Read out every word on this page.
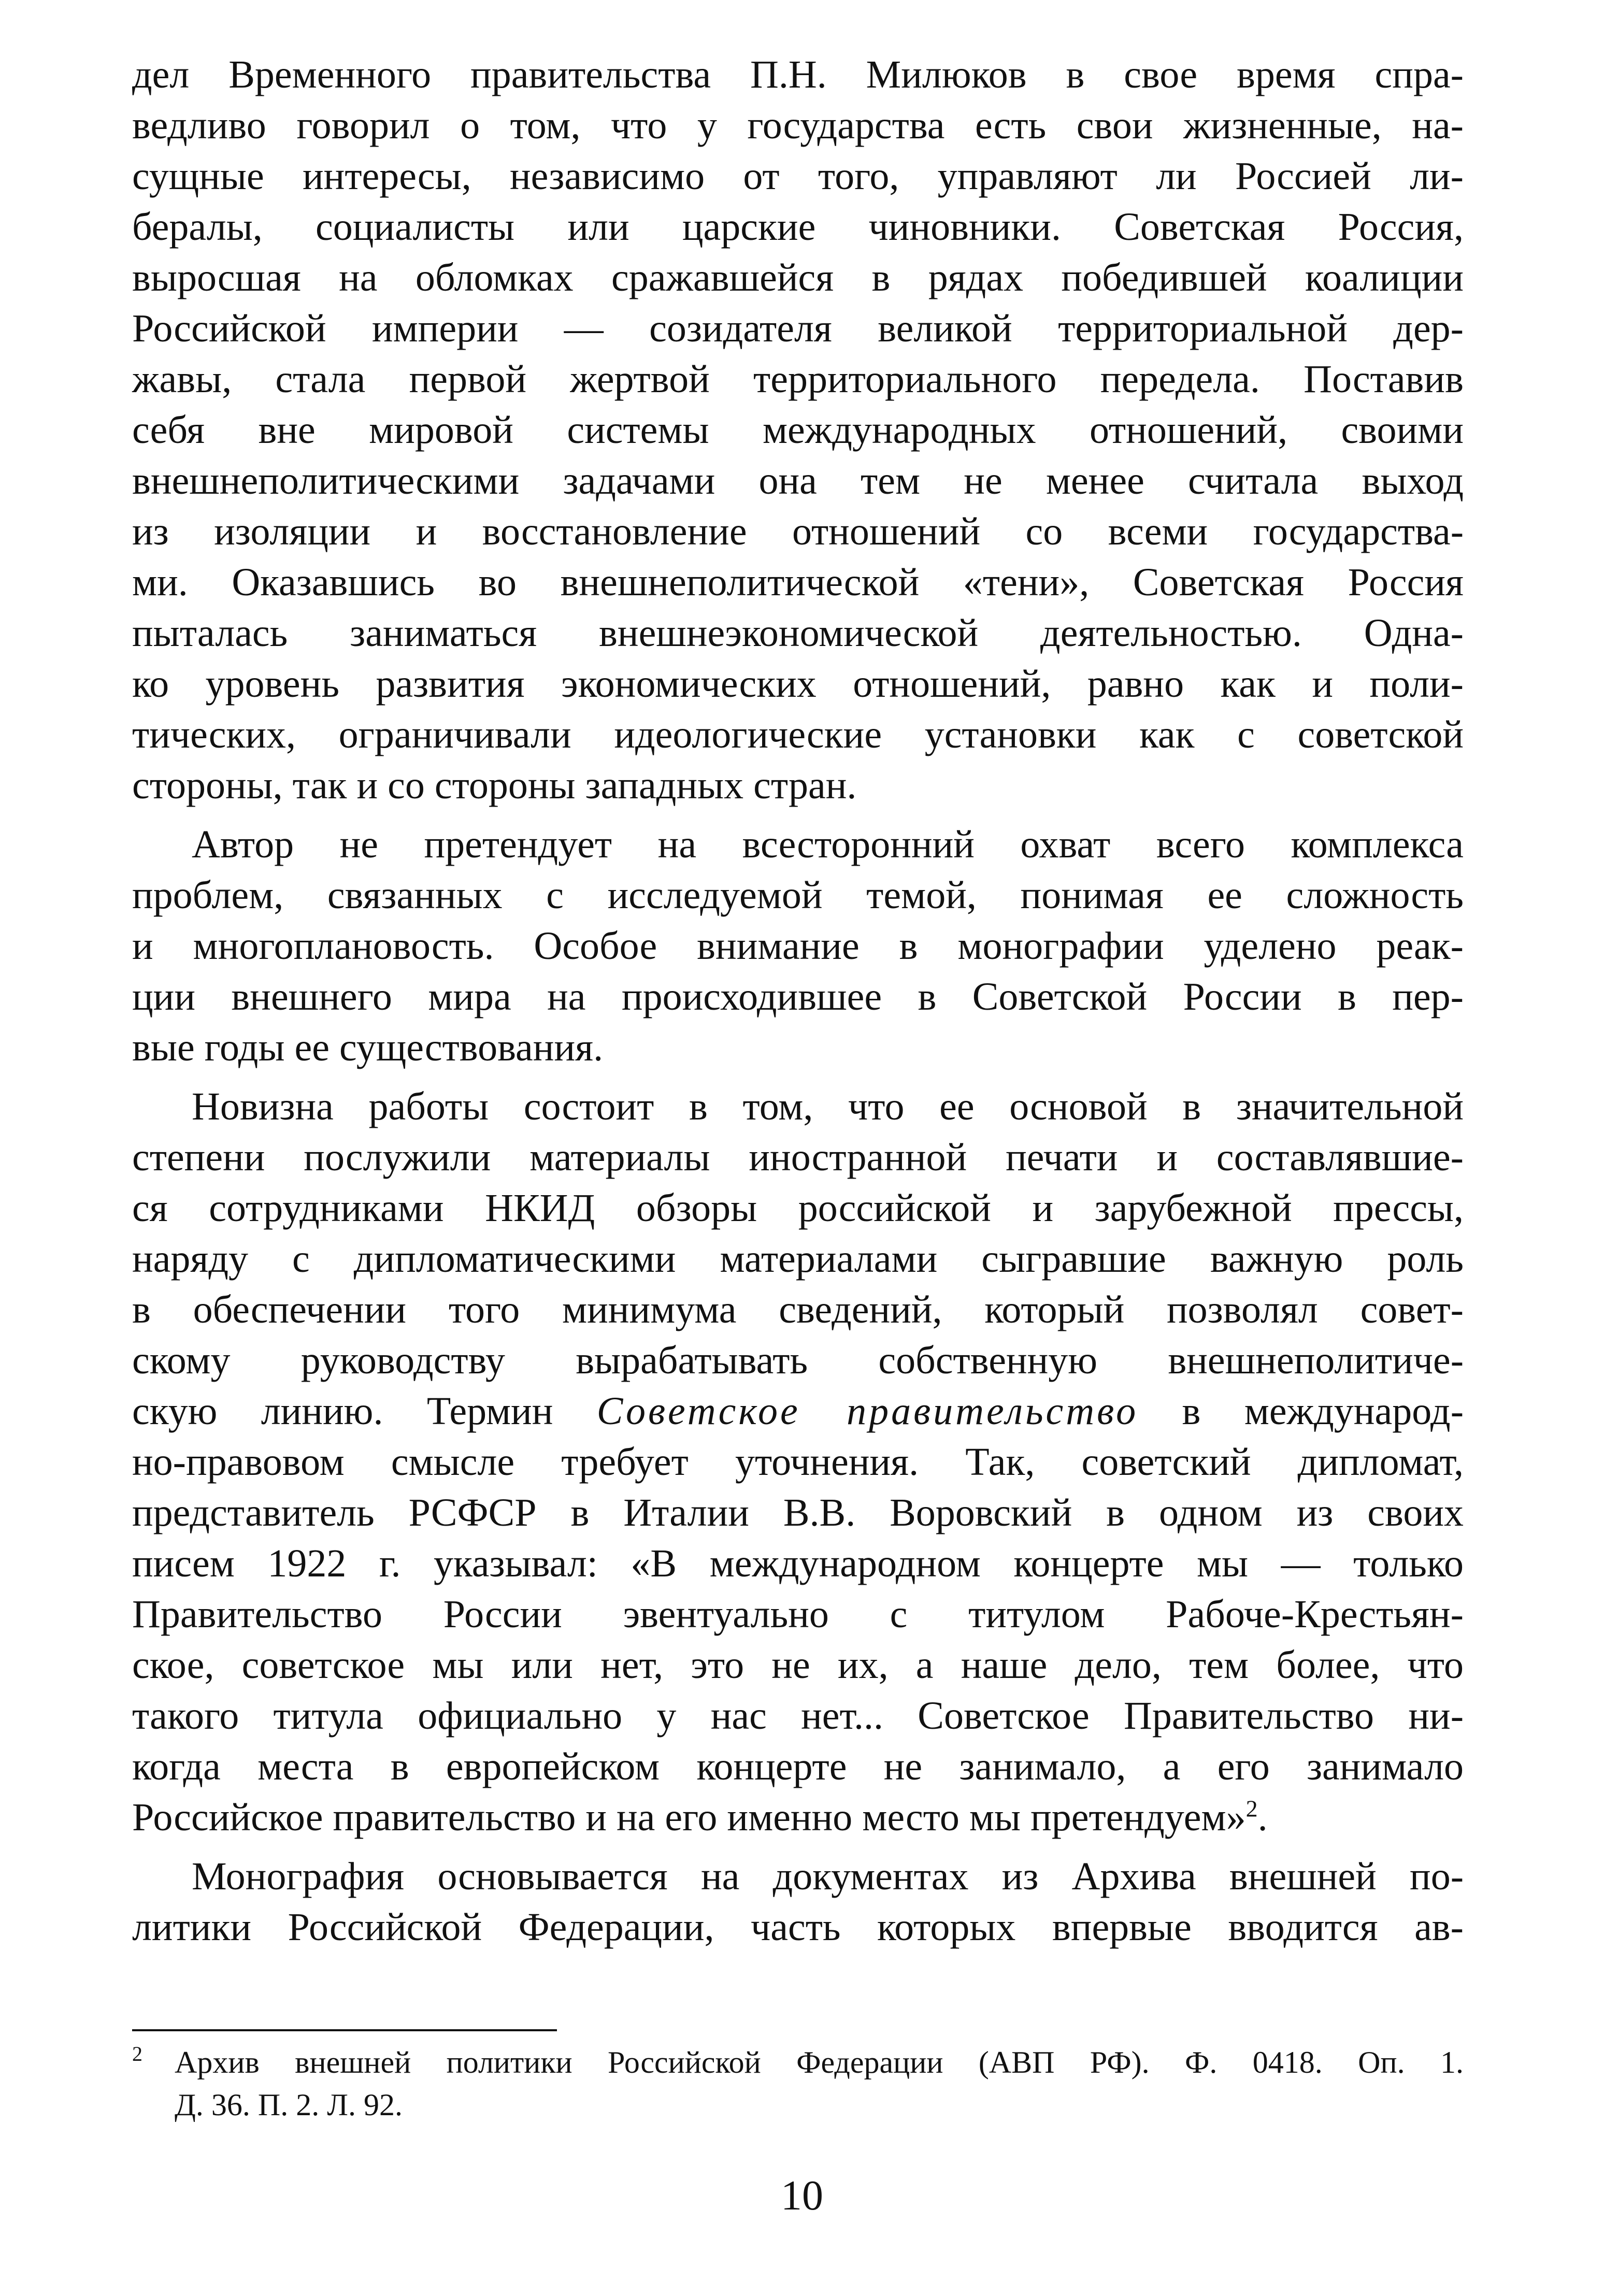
дел Временного правительства П.Н. Милюков в свое время спра-
ведливо говорил о том, что у государства есть свои жизненные, на-
сущные интересы, независимо от того, управляют ли Россией ли-
бералы, социалисты или царские чиновники. Советская Россия,
выросшая на обломках сражавшейся в рядах победившей коалиции
Российской империи — созидателя великой территориальной дер-
жавы, стала первой жертвой территориального передела. Поставив
себя вне мировой системы международных отношений, своими
внешнеполитическими задачами она тем не менее считала выход
из изоляции и восстановление отношений со всеми государства-
ми. Оказавшись во внешнеполитической «тени», Советская Россия
пыталась заниматься внешнеэкономической деятельностью. Одна-
ко уровень развития экономических отношений, равно как и поли-
тических, ограничивали идеологические установки как с советской
стороны, так и со стороны западных стран.
Автор не претендует на всесторонний охват всего комплекса
проблем, связанных с исследуемой темой, понимая ее сложность
и многоплановость. Особое внимание в монографии уделено реак-
ции внешнего мира на происходившее в Советской России в пер-
вые годы ее существования.
Новизна работы состоит в том, что ее основой в значительной
степени послужили материалы иностранной печати и составлявшие-
ся сотрудниками НКИД обзоры российской и зарубежной прессы,
наряду с дипломатическими материалами сыгравшие важную роль
в обеспечении того минимума сведений, который позволял совет-
скому руководству вырабатывать собственную внешнеполитиче-
скую линию. Термин Советское правительство в международ-
но-правовом смысле требует уточнения. Так, советский дипломат,
представитель РСФСР в Италии В.В. Воровский в одном из своих
писем 1922 г. указывал: «В международном концерте мы — только
Правительство России эвентуально с титулом Рабоче-Крестьян-
ское, советское мы или нет, это не их, а наше дело, тем более, что
такого титула официально у нас нет... Советское Правительство ни-
когда места в европейском концерте не занимало, а его занимало
Российское правительство и на его именно место мы претендуем»$^2$.
Монография основывается на документах из Архива внешней по-
литики Российской Федерации, часть которых впервые вводится ав-
2 Архив внешней политики Российской Федерации (АВП РФ). Ф. 0418. Оп. 1.
Д. 36. П. 2. Л. 92.
10
